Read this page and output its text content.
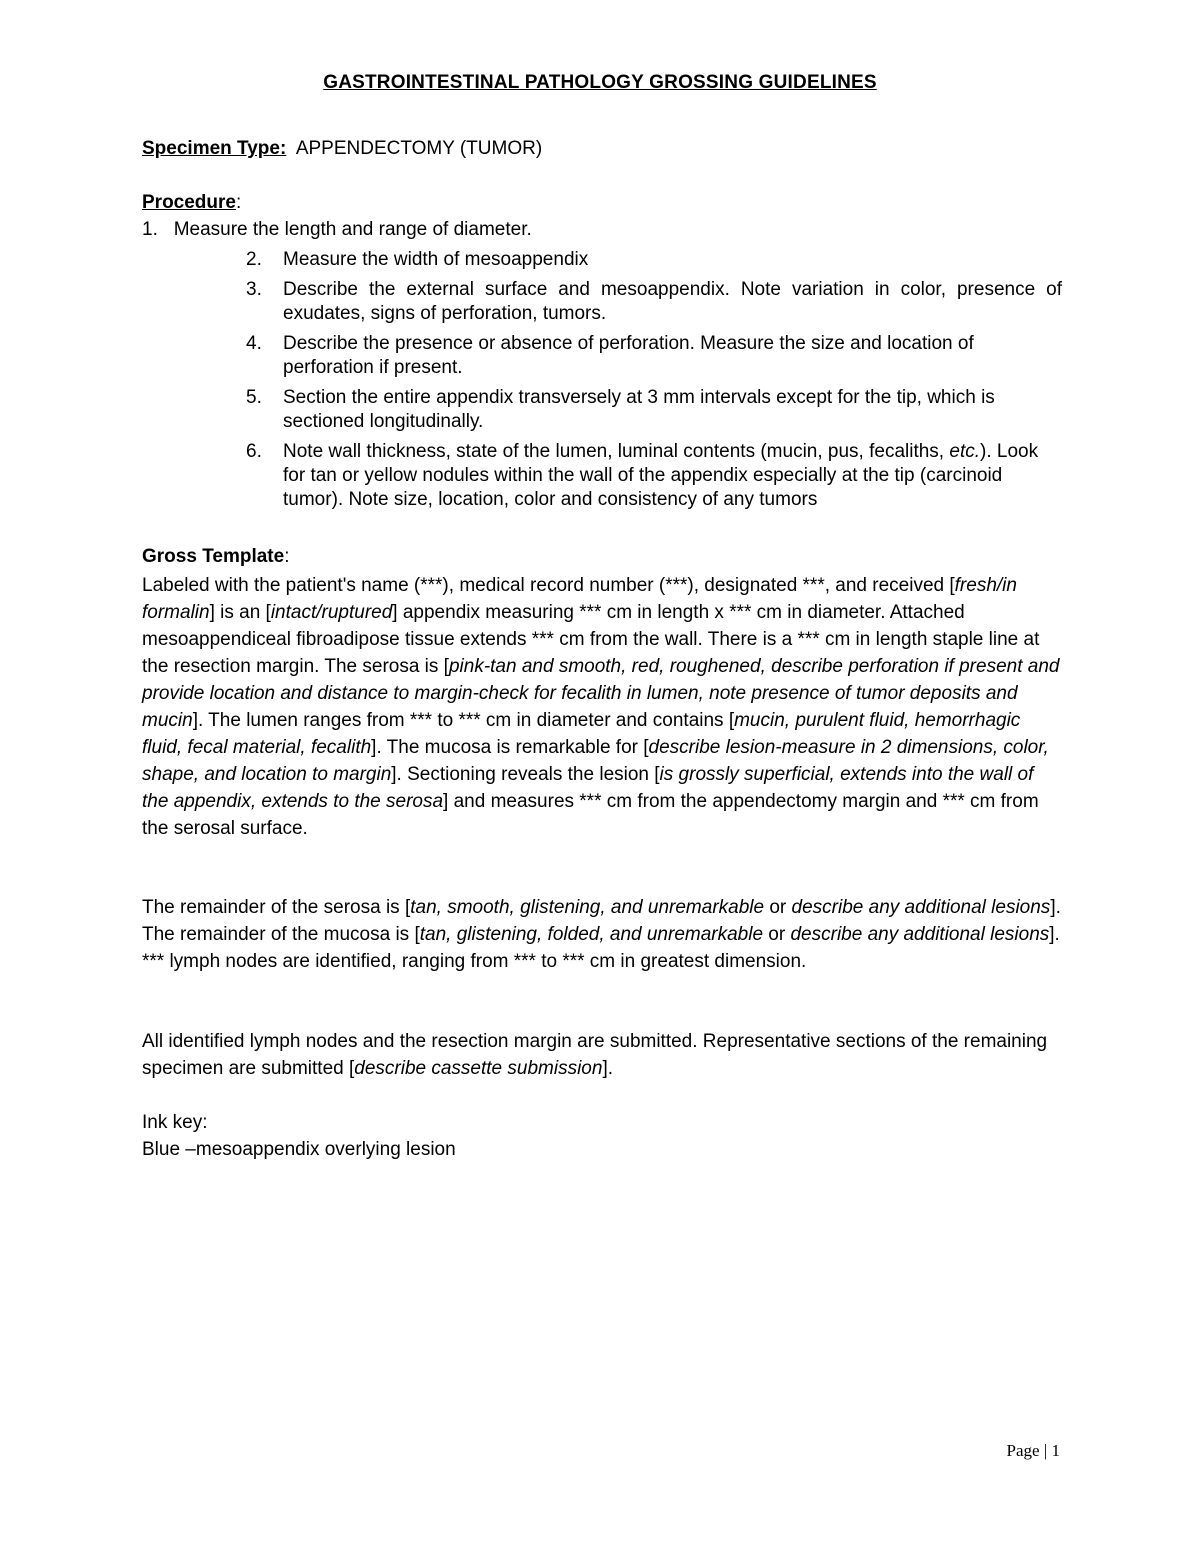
GASTROINTESTINAL PATHOLOGY GROSSING GUIDELINES
Specimen Type: APPENDECTOMY (TUMOR)
Procedure:
1. Measure the length and range of diameter.
2. Measure the width of mesoappendix
3. Describe the external surface and mesoappendix. Note variation in color, presence of exudates, signs of perforation, tumors.
4. Describe the presence or absence of perforation. Measure the size and location of perforation if present.
5. Section the entire appendix transversely at 3 mm intervals except for the tip, which is sectioned longitudinally.
6. Note wall thickness, state of the lumen, luminal contents (mucin, pus, fecaliths, etc.). Look for tan or yellow nodules within the wall of the appendix especially at the tip (carcinoid tumor). Note size, location, color and consistency of any tumors
Gross Template:
Labeled with the patient's name (***), medical record number (***), designated ***, and received [fresh/in formalin] is an [intact/ruptured] appendix measuring *** cm in length x *** cm in diameter. Attached mesoappendiceal fibroadipose tissue extends *** cm from the wall. There is a *** cm in length staple line at the resection margin. The serosa is [pink-tan and smooth, red, roughened, describe perforation if present and provide location and distance to margin-check for fecalith in lumen, note presence of tumor deposits and mucin]. The lumen ranges from *** to *** cm in diameter and contains [mucin, purulent fluid, hemorrhagic fluid, fecal material, fecalith]. The mucosa is remarkable for [describe lesion-measure in 2 dimensions, color, shape, and location to margin]. Sectioning reveals the lesion [is grossly superficial, extends into the wall of the appendix, extends to the serosa] and measures *** cm from the appendectomy margin and *** cm from the serosal surface.
The remainder of the serosa is [tan, smooth, glistening, and unremarkable or describe any additional lesions]. The remainder of the mucosa is [tan, glistening, folded, and unremarkable or describe any additional lesions]. *** lymph nodes are identified, ranging from *** to *** cm in greatest dimension.
All identified lymph nodes and the resection margin are submitted. Representative sections of the remaining specimen are submitted [describe cassette submission].
Ink key:
Blue –mesoappendix overlying lesion
Page | 1
